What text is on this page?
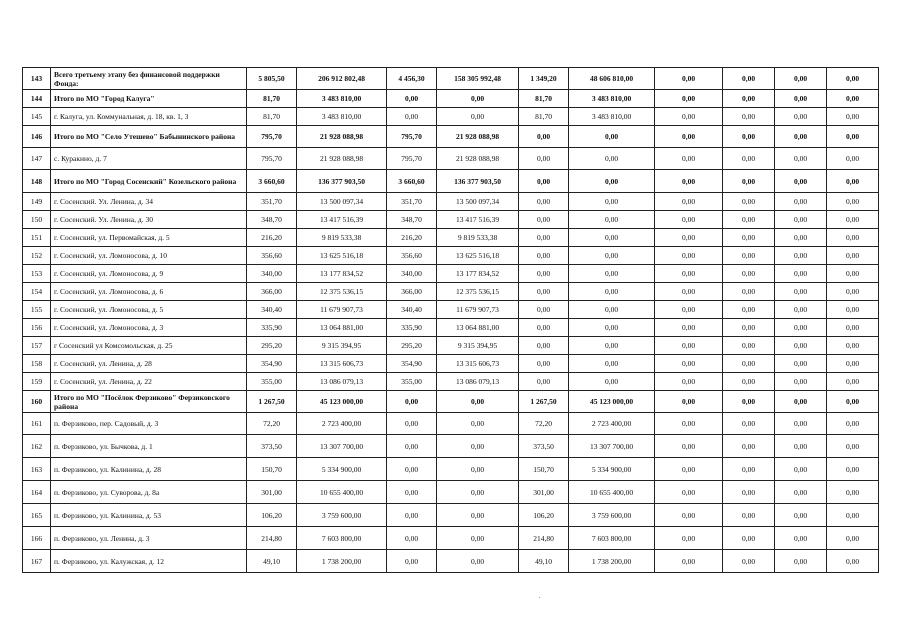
143	Всего третьему этапу без финансовой поддержки Фонда:	5 805,50	206 912 802,48	4 456,30	158 305 992,48	1 349,20	48 606 810,00	0,00	0,00	0,00	0,00
144	Итого по МО "Город Калуга"	81,70	3 483 810,00	0,00	0,00	81,70	3 483 810,00	0,00	0,00	0,00	0,00
145	г. Калуга, ул. Коммунальная, д. 18, кв. 1, 3	81,70	3 483 810,00	0,00	0,00	81,70	3 483 810,00	0,00	0,00	0,00	0,00
146	Итого по МО "Село Утешево" Бабынинского района	795,70	21 928 088,98	795,70	21 928 088,98	0,00	0,00	0,00	0,00	0,00	0,00
147	с. Куракино, д. 7	795,70	21 928 088,98	795,70	21 928 088,98	0,00	0,00	0,00	0,00	0,00	0,00
148	Итого по МО "Город Сосенский" Козельского района	3 660,60	136 377 903,50	3 660,60	136 377 903,50	0,00	0,00	0,00	0,00	0,00	0,00
149	г. Сосенский. Ул. Ленина, д. 34	351,70	13 500 097,34	351,70	13 500 097,34	0,00	0,00	0,00	0,00	0,00	0,00
150	г. Сосенский. Ул. Ленина, д. 30	348,70	13 417 516,39	348,70	13 417 516,39	0,00	0,00	0,00	0,00	0,00	0,00
151	г. Сосенский, ул. Первомайская, д. 5	216,20	9 819 533,38	216,20	9 819 533,38	0,00	0,00	0,00	0,00	0,00	0,00
152	г. Сосенский, ул. Ломоносова, д. 10	356,60	13 625 516,18	356,60	13 625 516,18	0,00	0,00	0,00	0,00	0,00	0,00
153	г. Сосенский, ул. Ломоносова, д. 9	340,00	13 177 834,52	340,00	13 177 834,52	0,00	0,00	0,00	0,00	0,00	0,00
154	г. Сосенский, ул. Ломоносова, д. 6	366,00	12 375 536,15	366,00	12 375 536,15	0,00	0,00	0,00	0,00	0,00	0,00
155	г. Сосенский, ул. Ломоносова, д. 5	340,40	11 679 907,73	340,40	11 679 907,73	0,00	0,00	0,00	0,00	0,00	0,00
156	г. Сосенский, ул. Ломоносова, д. 3	335,90	13 064 881,00	335,90	13 064 881,00	0,00	0,00	0,00	0,00	0,00	0,00
157	г Сосенский ул Комсомольская, д. 25	295,20	9 315 394,95	295,20	9 315 394,95	0,00	0,00	0,00	0,00	0,00	0,00
158	г. Сосенский, ул. Ленина, д. 28	354,90	13 315 606,73	354,90	13 315 606,73	0,00	0,00	0,00	0,00	0,00	0,00
159	г. Сосенский, ул. Ленина, д. 22	355,00	13 086 079,13	355,00	13 086 079,13	0,00	0,00	0,00	0,00	0,00	0,00
160	Итого по МО "Посёлок Ферзиково" Ферзиковского района	1 267,50	45 123 000,00	0,00	0,00	1 267,50	45 123 000,00	0,00	0,00	0,00	0,00
161	п. Ферзиково, пер. Садовый, д. 3	72,20	2 723 400,00	0,00	0,00	72,20	2 723 400,00	0,00	0,00	0,00	0,00
162	п. Ферзиково, ул. Бычкова, д. 1	373,50	13 307 700,00	0,00	0,00	373,50	13 307 700,00	0,00	0,00	0,00	0,00
163	п. Ферзиково, ул. Калинина, д. 28	150,70	5 334 900,00	0,00	0,00	150,70	5 334 900,00	0,00	0,00	0,00	0,00
164	п. Ферзиково, ул. Суворова, д. 8а	301,00	10 655 400,00	0,00	0,00	301,00	10 655 400,00	0,00	0,00	0,00	0,00
165	п. Ферзиково, ул. Калинина, д. 53	106,20	3 759 600,00	0,00	0,00	106,20	3 759 600,00	0,00	0,00	0,00	0,00
166	п. Ферзиково, ул. Ленина, д. 3	214,80	7 603 800,00	0,00	0,00	214,80	7 603 800,00	0,00	0,00	0,00	0,00
167	п. Ферзиково, ул. Калужская, д. 12	49,10	1 738 200,00	0,00	0,00	49,10	1 738 200,00	0,00	0,00	0,00	0,00
